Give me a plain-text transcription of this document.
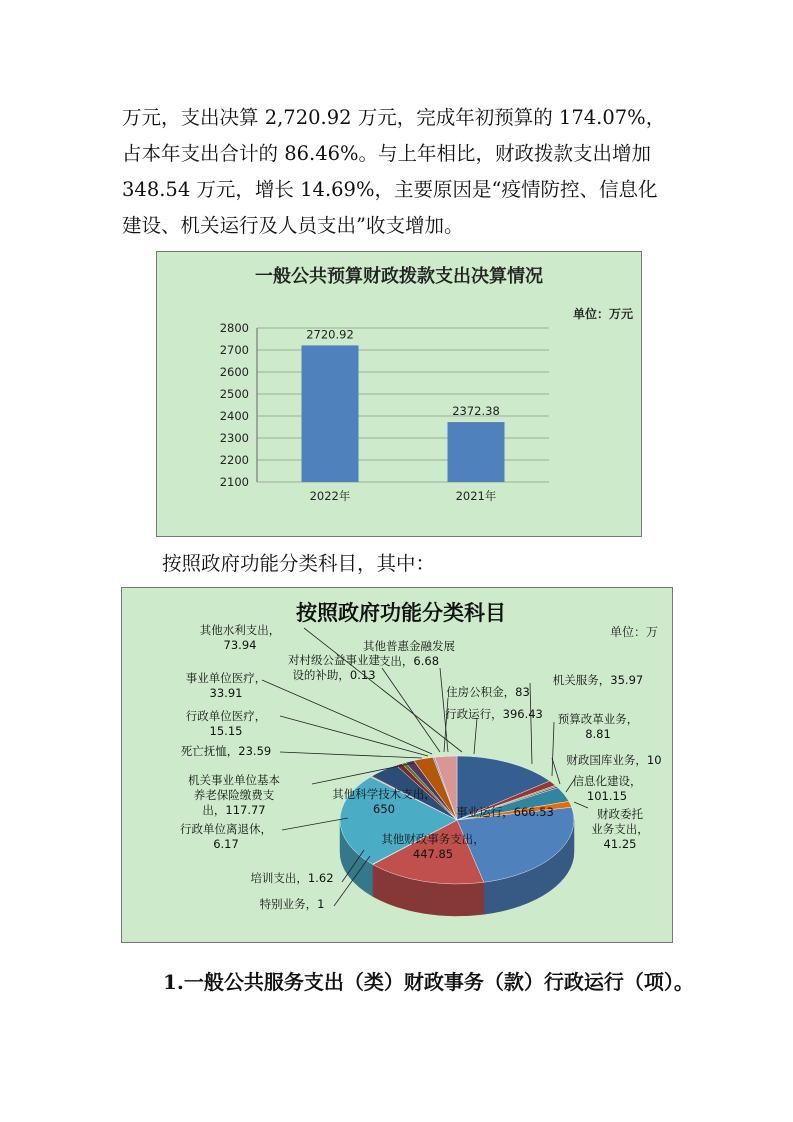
万元，支出决算 2,720.92 万元，完成年初预算的 174.07%，
占本年支出合计的 86.46%。与上年相比，财政拨款支出增加
348.54 万元，增长 14.69%，主要原因是“疫情防控、信息化
建设、机关运行及人员支出”收支增加。
一般公共预算财政拨款支出决算情况
单位：万元
2100
2200
2300
2400
2500
2600
2700
2800	2720.92
2022年
2372.38
2021年
按照政府功能分类科目，其中：
按照政府功能分类科目
单位：万
其他水利支出， 73.94
对村级公益事业建设的补助，0.13
其他普惠金融发展支出，6.68
事业单位医疗， 33.91
行政单位医疗， 15.15
死亡抚恤，23.59
机关事业单位基本养老保险缴费支出，117.77
行政单位离退休， 6.17
培训支出，1.62
特别业务，1
住房公积金，83
行政运行，396.43
机关服务，35.97
预算改革业务， 8.81
财政国库业务，10
信息化建设， 101.15
财政委托业务支出， 41.25
事业运行，666.53
其他财政事务支出， 447.85
其他科学技术支出， 650
1.一般公共服务支出（类）财政事务（款）行政运行（项）。
